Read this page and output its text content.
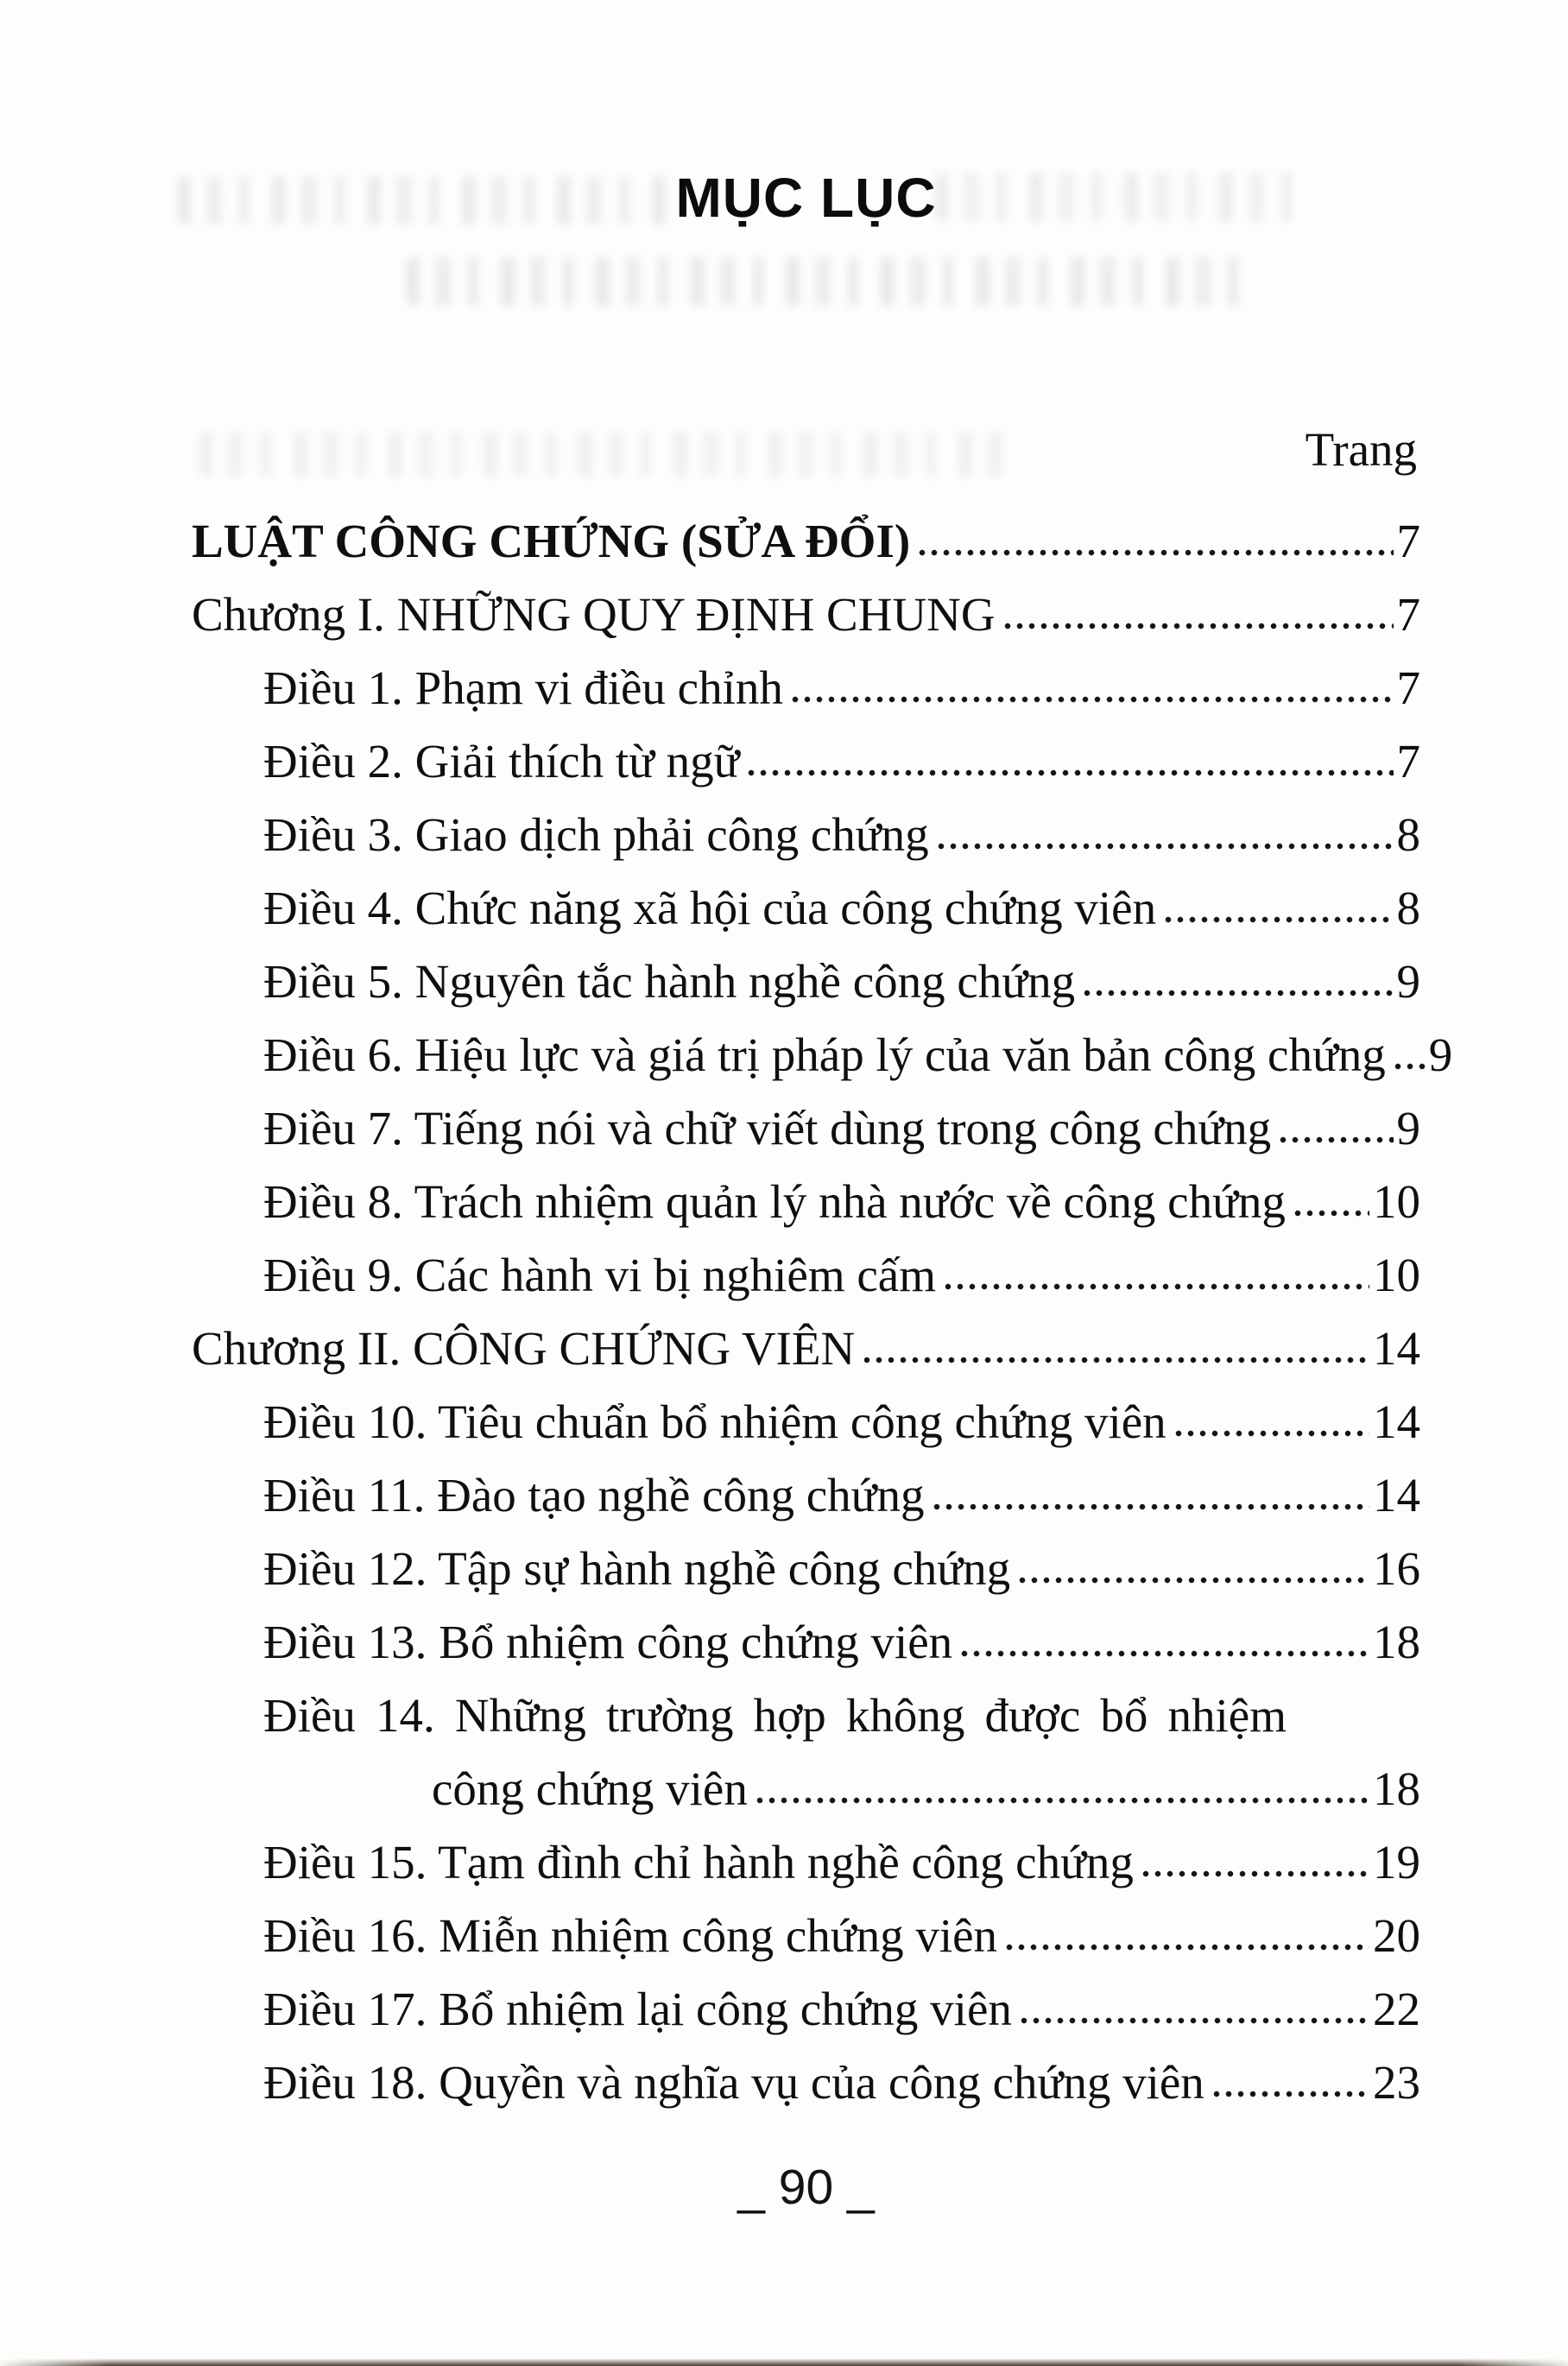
MỤC LỤC
Trang
LUẬT CÔNG CHỨNG (SỬA ĐỔI)	7
Chương I. NHỮNG QUY ĐỊNH CHUNG	7
Điều 1. Phạm vi điều chỉnh	7
Điều 2. Giải thích từ ngữ	7
Điều 3. Giao dịch phải công chứng	8
Điều 4. Chức năng xã hội của công chứng viên	8
Điều 5. Nguyên tắc hành nghề công chứng	9
Điều 6. Hiệu lực và giá trị pháp lý của văn bản công chứng 9
Điều 7. Tiếng nói và chữ viết dùng trong công chứng	9
Điều 8. Trách nhiệm quản lý nhà nước về công chứng 10
Điều 9. Các hành vi bị nghiêm cấm	10
Chương II. CÔNG CHỨNG VIÊN	14
Điều 10. Tiêu chuẩn bổ nhiệm công chứng viên	14
Điều 11. Đào tạo nghề công chứng	14
Điều 12. Tập sự hành nghề công chứng	16
Điều 13. Bổ nhiệm công chứng viên	18
Điều 14. Những trường hợp không được bổ nhiệm
công chứng viên	18
Điều 15. Tạm đình chỉ hành nghề công chứng	19
Điều 16. Miễn nhiệm công chứng viên	20
Điều 17. Bổ nhiệm lại công chứng viên	22
Điều 18. Quyền và nghĩa vụ của công chứng viên	23
_ 90 _
